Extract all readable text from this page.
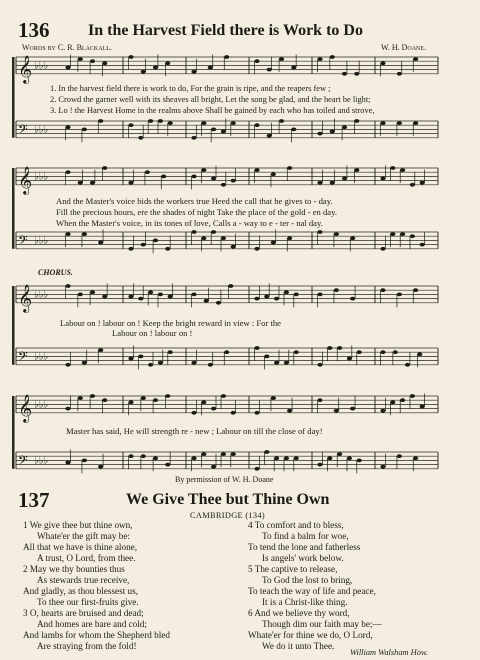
136 In the Harvest Field there is Work to Do
Words by C. R. Blackall.	W. H. Doane.
𝄞 ♭♭♭
𝄢 ♭♭♭
𝄞 ♭♭♭
𝄢 ♭♭♭
𝄞 ♭♭♭
𝄢 ♭♭♭
𝄞 ♭♭♭
𝄢 ♭♭♭
1. In the harvest field there is work to do, For the grain is ripe, and the reapers few ;
2. Crowd the garner well with its sheaves all bright, Let the song be glad, and the heart be light;
3. Lo ! the Harvest Home in the realms above Shall be gained by each who has toiled and strove,
And the Master's voice bids the workers true Heed the call that he gives to - day.
Fill the precious hours, ere the shades of night Take the place of the gold - en day.
When the Master's voice, in its tones of love, Calls a - way to e - ter - nal day.
CHORUS.
Labour on ! labour on ! Keep the bright reward in view : For the
Labour on ! labour on !
Master has said, He will strength re - new ; Labour on till the close of day!
By permission of W. H. Doane
137	We Give Thee but Thine Own
CAMBRIDGE (134)
1 We give thee but thine own,
Whate'er the gift may be:
All that we have is thine alone,
A trust, O Lord, from thee.
2 May we thy bounties thus
As stewards true receive,
And gladly, as thou blessest us,
To thee our first-fruits give.
3 O, hearts are bruised and dead;
And homes are bare and cold;
And lambs for whom the Shepherd bled
Are straying from the fold!
4 To comfort and to bless,
To find a balm for woe,
To tend the lone and fatherless
Is angels' work below.
5 The captive to release,
To God the lost to bring,
To teach the way of life and peace,
It is a Christ-like thing.
6 And we believe thy word,
Though dim our faith may be;—
Whate'er for thine we do, O Lord,
We do it unto Thee.
William Walsham How.
